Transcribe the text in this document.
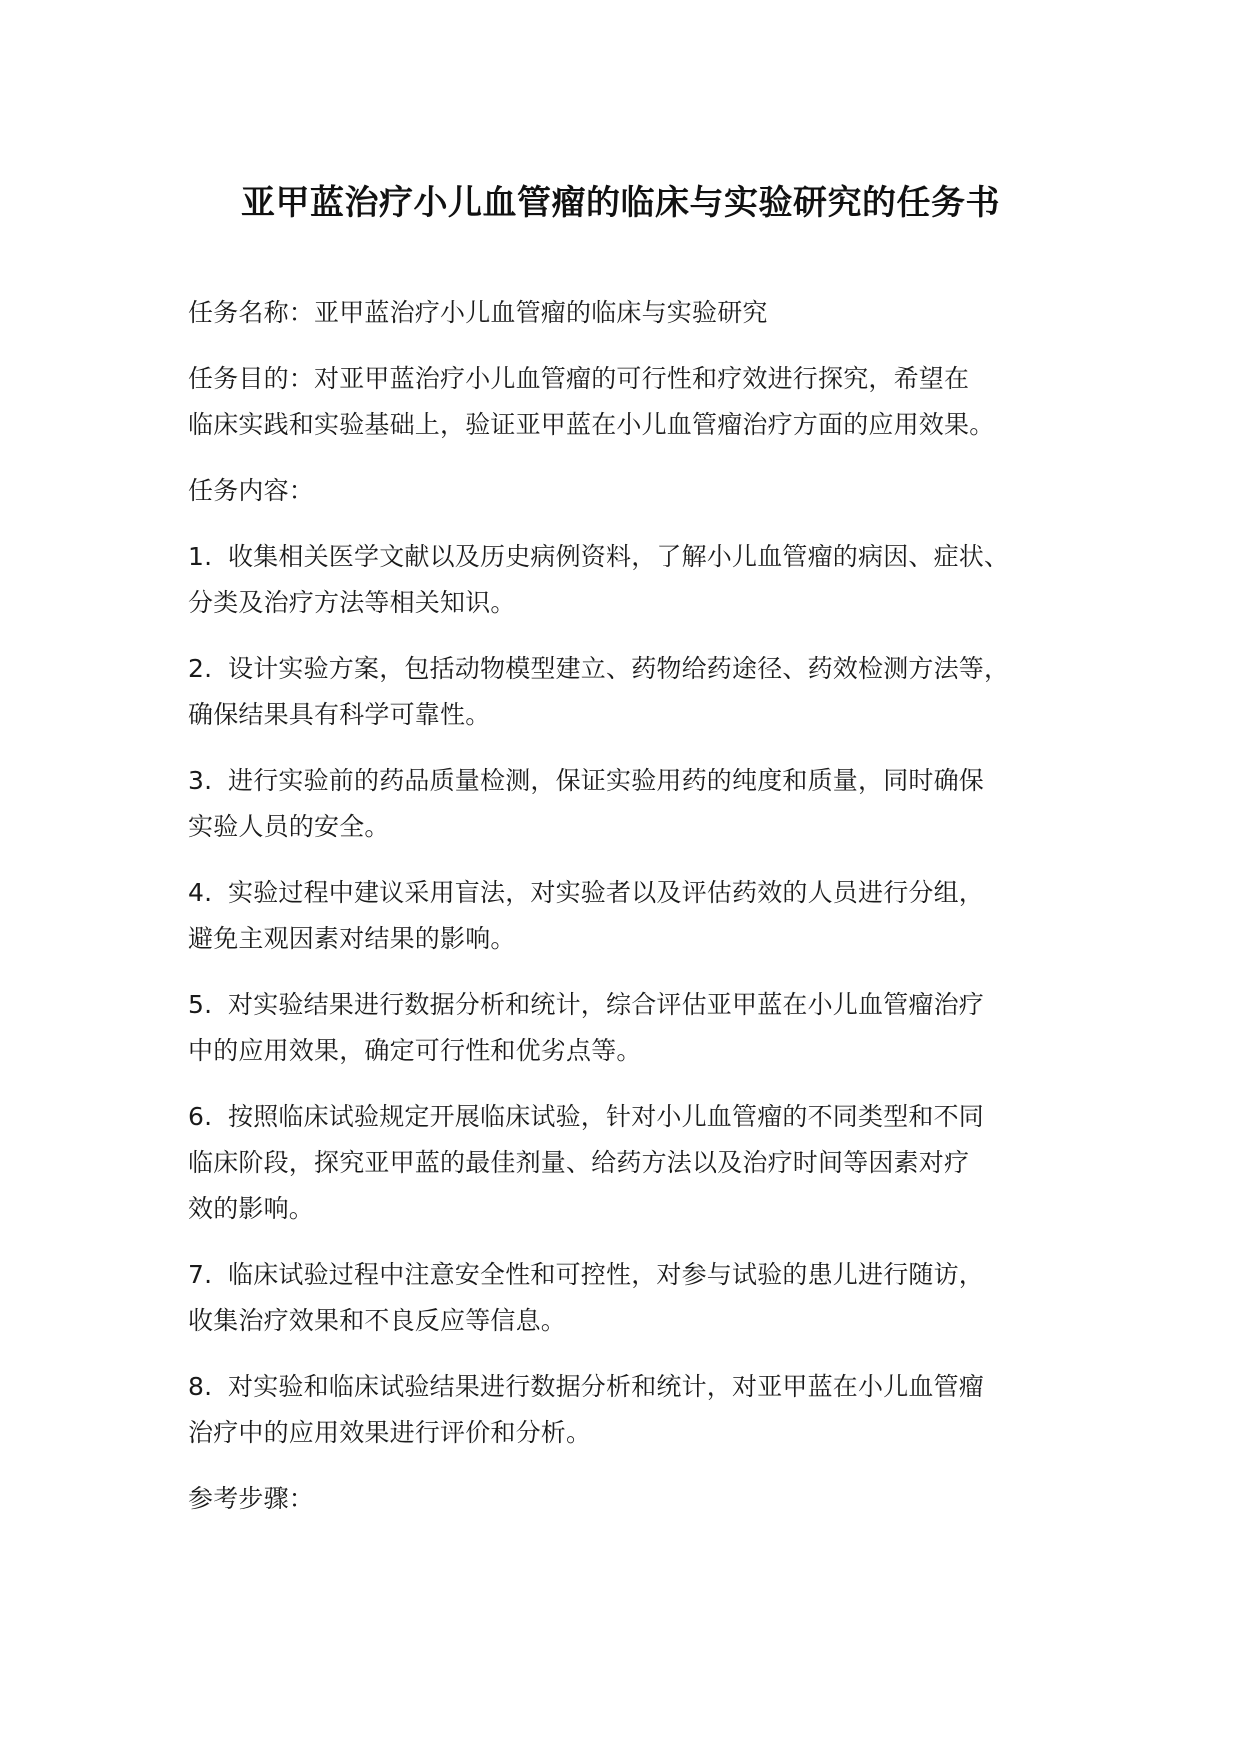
亚甲蓝治疗小儿血管瘤的临床与实验研究的任务书

任务名称：亚甲蓝治疗小儿血管瘤的临床与实验研究

任务目的：对亚甲蓝治疗小儿血管瘤的可行性和疗效进行探究，希望在
临床实践和实验基础上，验证亚甲蓝在小儿血管瘤治疗方面的应用效果。

任务内容：

1. 收集相关医学文献以及历史病例资料，了解小儿血管瘤的病因、症状、
分类及治疗方法等相关知识。

2. 设计实验方案，包括动物模型建立、药物给药途径、药效检测方法等，
确保结果具有科学可靠性。

3. 进行实验前的药品质量检测，保证实验用药的纯度和质量，同时确保
实验人员的安全。

4. 实验过程中建议采用盲法，对实验者以及评估药效的人员进行分组，
避免主观因素对结果的影响。

5. 对实验结果进行数据分析和统计，综合评估亚甲蓝在小儿血管瘤治疗
中的应用效果，确定可行性和优劣点等。

6. 按照临床试验规定开展临床试验，针对小儿血管瘤的不同类型和不同
临床阶段，探究亚甲蓝的最佳剂量、给药方法以及治疗时间等因素对疗
效的影响。

7. 临床试验过程中注意安全性和可控性，对参与试验的患儿进行随访，
收集治疗效果和不良反应等信息。

8. 对实验和临床试验结果进行数据分析和统计，对亚甲蓝在小儿血管瘤
治疗中的应用效果进行评价和分析。

参考步骤：
